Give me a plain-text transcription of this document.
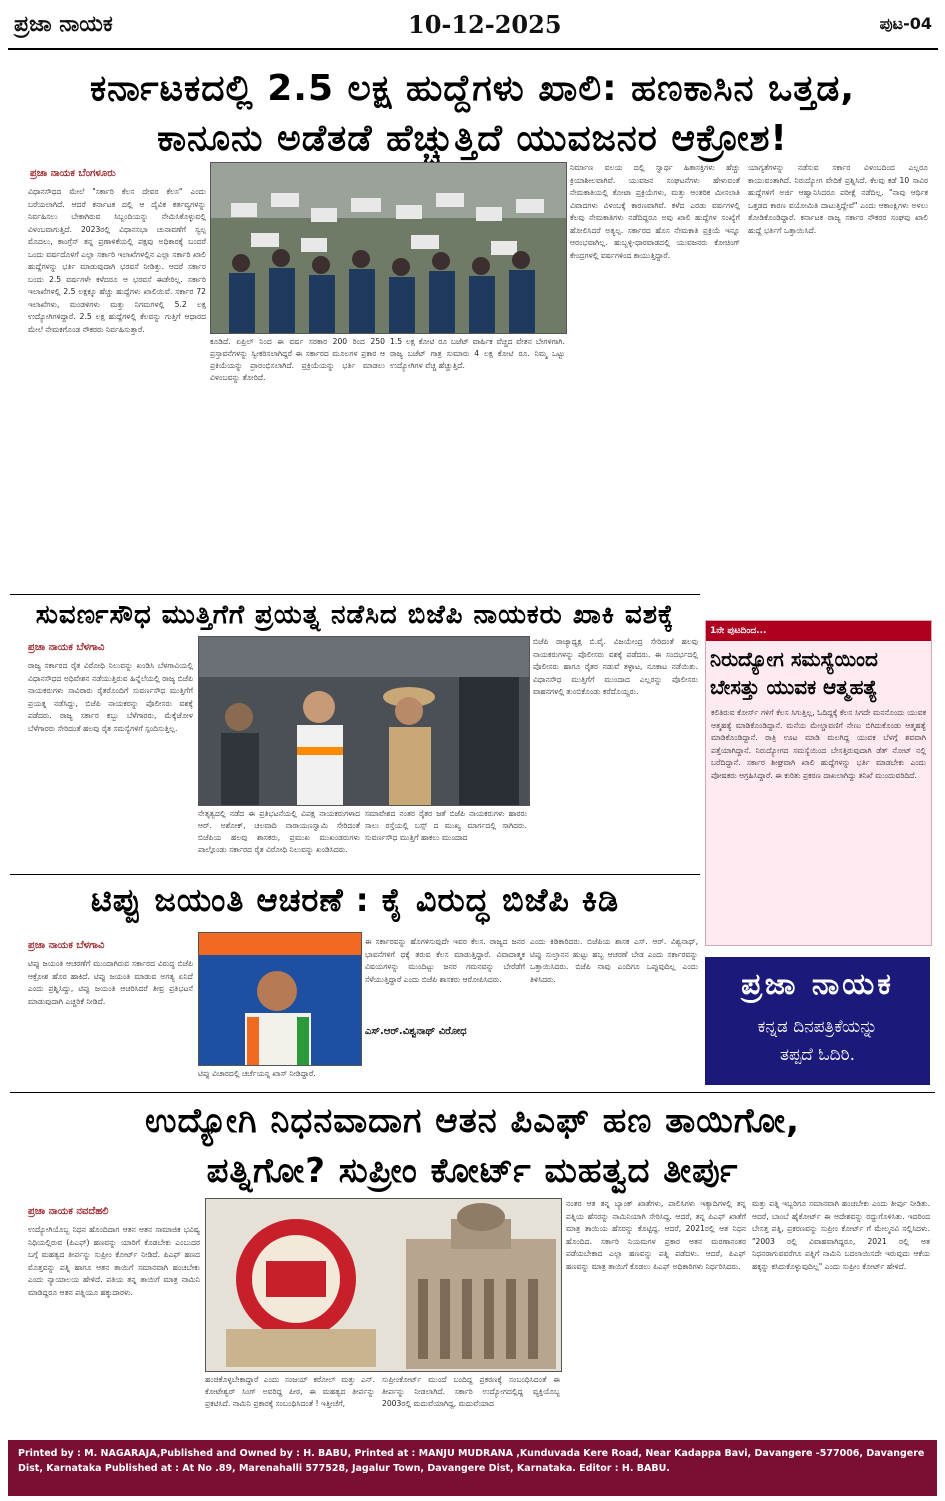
ಪ್ರಜಾ ನಾಯಕ	10-12-2025	ಪುಟ-04
ಕರ್ನಾಟಕದಲ್ಲಿ 2.5 ಲಕ್ಷ ಹುದ್ದೆಗಳು ಖಾಲಿ: ಹಣಕಾಸಿನ ಒತ್ತಡ,
ಕಾನೂನು ಅಡೆತಡೆ ಹೆಚ್ಚುತ್ತಿದೆ ಯುವಜನರ ಆಕ್ರೋಶ!
ಪ್ರಜಾ ನಾಯಕ ಬೆಂಗಳೂರು
ವಿಧಾನಸೌಧದ ಮೇಲೆ "ಸರ್ಕಾರಿ ಕೆಲಸ ದೇವರ ಕೆಲಸ" ಎಂದು ಬರೆಯಲಾಗಿದೆ. ಆದರೆ ಕರ್ನಾಟಕ ದಲ್ಲಿ ಆ ದೈವಿಕ ಕರ್ತವ್ಯಗಳನ್ನು ನಿರ್ವಹಿಸಲು ಬೇಕಾಗಿರುವ ಸಿಬ್ಬಂದಿಯನ್ನು ನೇಮಿಸಿಕೊಳ್ಳುವಲ್ಲಿ ವಿಳಂಬವಾಗುತ್ತಿದೆ. 2023ರಲ್ಲಿ ವಿಧಾನಸಭಾ ಚುನಾವಣೆಗೆ ಸ್ವಲ್ಪ ಮೊದಲು, ಕಾಂಗ್ರೆಸ್ ತನ್ನ ಪ್ರಣಾಳಿಕೆಯಲ್ಲಿ ಪಕ್ಷವು ಅಧಿಕಾರಕ್ಕೆ ಬಂದರೆ ಒಂದು ವರ್ಷದೊಳಗೆ ಎಲ್ಲಾ ಸರ್ಕಾರಿ ಇಲಾಖೆಗಳಲ್ಲಿನ ಎಲ್ಲಾ ಸರ್ಕಾರಿ ಖಾಲಿ ಹುದ್ದೆಗಳನ್ನು ಭರ್ತಿ ಮಾಡುವುದಾಗಿ ಭರವಸೆ ನೀಡಿತ್ತು. ಆದರೆ ಸರ್ಕಾರ ಬಂದು 2.5 ವರ್ಷಗಳೇ ಕಳೆದರೂ ಆ ಭರವಸೆ ಈಡೇರಿಲ್ಲ. ಸರ್ಕಾರಿ ಇಲಾಖೆಗಳಲ್ಲಿ 2.5 ಲಕ್ಷಕ್ಕೂ ಹೆಚ್ಚು ಹುದ್ದೆಗಳು ಖಾಲಿಯಿವೆ. ಸರ್ಕಾರ 72 ಇಲಾಖೆಗಳು, ಮಂಡಳಿಗಳು ಮತ್ತು ನಿಗಮಗಳಲ್ಲಿ 5.2 ಲಕ್ಷ ಉದ್ಯೋಗಿಗಳಿದ್ದಾರೆ. 2.5 ಲಕ್ಷ ಹುದ್ದೆಗಳಲ್ಲಿ ಕೆಲವನ್ನು ಗುತ್ತಿಗೆ ಆಧಾರದ ಮೇಲೆ ನೇಮಕಗೊಂಡ ನೌಕರರು ನಿರ್ವಹಿಸುತ್ತಾರೆ.
ಕೂಡಿದೆ. ಏಪ್ರಿಲ್ ನಿಂದ ಈ ವರ್ಷ ಸರಕಾರ 200 ರಿಂದ 250 ಪ್ರಸ್ತಾವನೆಗಳನ್ನು ಸ್ವೀಕರಿಸಲಾಗಿದ್ದರೆ ಈ ಸರ್ಕಾರದ ಮೂಲಗಳ ಪ್ರಕಾರ ಆ ಪ್ರಕಿಯೆಯನ್ನು ಪ್ರಾರಂಭಿಸಲಾಗಿದೆ. ಪ್ರಕ್ರಿಯೆಯನ್ನು ಭರ್ತಿ ಮಾಡಲು ವಿಳಂಬವನ್ನು ತೋರಿದೆ.
1.5 ಲಕ್ಷ ಕೋಟಿ ರೂ ಬಜೆಟ್ ವಾರ್ಷಿಕ ವೆಚ್ಚದ ವೇತನ ಬೇಗಳಿಗಾಗಿ. ರಾಜ್ಯ ಬಜೆಟ್ ಗಾತ್ರ ಸುಮಾರು 4 ಲಕ್ಷ ಕೋಟಿ ರೂ. ನಿಮ್ಮ ಒಟ್ಟು ಉದ್ಯೋಗಿಗಳ ವೆಚ್ಚ ಹೆಚ್ಚುತ್ತಿದೆ.
ನಿರ್ಮಾಣ ವಲಯ ದಲ್ಲಿ ಸ್ವಾರ್ಥ ಹಿತಾಸಕ್ತಿಗಳು ಹೆಚ್ಚು ಕ್ರಿಯಾಶೀಲವಾಗಿವೆ. ಯುವಜನ ಸಂಘಟನೆಗಳು ಹೇಳುವಂತೆ ನೇಮಕಾತಿಯಲ್ಲಿ ಕೋಟಾ ಪ್ರಕ್ರಿಯೆಗಳು, ಮತ್ತು ಆಂತರಿಕ ಮೀಸಲಾತಿ ವಿವಾದಗಳು ವಿಳಂಬಕ್ಕೆ ಕಾರಣವಾಗಿವೆ. ಕಳೆದ ಎರಡು ವರ್ಷಗಳಲ್ಲಿ ಕೆಲವು ನೇಮಕಾತಿಗಳು ನಡೆದಿದ್ದರೂ ಅವು ಖಾಲಿ ಹುದ್ದೆಗಳ ಸಂಖ್ಯೆಗೆ ಹೋಲಿಸಿದರೆ ಅತ್ಯಲ್ಪ. ಸರ್ಕಾರದ ಹೊಸ ನೇಮಕಾತಿ ಪ್ರಕ್ರಿಯೆ ಇನ್ನೂ ಆರಂಭವಾಗಿಲ್ಲ. ಹುಬ್ಬಳ್ಳಿ-ಧಾರವಾಡದಲ್ಲಿ ಯುವಜನರು ಕೋಚಿಂಗ್ ಕೇಂದ್ರಗಳಲ್ಲಿ ವರ್ಷಗಳಿಂದ ಕಾಯುತ್ತಿದ್ದಾರೆ.
ಯಾಗ್ಯತೆಗಳನ್ನು ನಡೆಸುವ ಸರ್ಕಾರ ವಿಳಂಬದಿಂದ ಎಲ್ಲರೂ ಕಾಯುವಂತಾಗಿದೆ. ನಿರುದ್ಯೋಗ ವೇದಿಕೆ ಪ್ರಶ್ನಿಸಿದೆ. ಕೆಲವು ಕಡೆ 10 ಸಾವಿರ ಹುದ್ದೆಗಳಿಗೆ ಅರ್ಜಿ ಆಹ್ವಾನಿಸಿದರೂ ಪರೀಕ್ಷೆ ನಡೆದಿಲ್ಲ. "ನಾವು ಆರ್ಥಿಕ ಒತ್ತಡದ ಕಾರಣ ವಯೋಮಿತಿ ದಾಟುತ್ತಿದ್ದೇವೆ" ಎಂದು ಆಕಾಂಕ್ಷಿಗಳು ಅಳಲು ತೋಡಿಕೊಂಡಿದ್ದಾರೆ. ಕರ್ನಾಟಕ ರಾಜ್ಯ ಸರ್ಕಾರ ನೌಕರರ ಸಂಘವು ಖಾಲಿ ಹುದ್ದೆ ಭರ್ತಿಗೆ ಒತ್ತಾಯಿಸಿದೆ.
ಸುವರ್ಣಸೌಧ ಮುತ್ತಿಗೆಗೆ ಪ್ರಯತ್ನ ನಡೆಸಿದ ಬಿಜೆಪಿ ನಾಯಕರು ಖಾಕಿ ವಶಕ್ಕೆ
ಪ್ರಜಾ ನಾಯಕ ಬೆಳಗಾವಿ
ರಾಜ್ಯ ಸರ್ಕಾರದ ರೈತ ವಿರೋಧಿ ನಿಲುವನ್ನು ಖಂಡಿಸಿ ಬೆಳಗಾವಿಯಲ್ಲಿ ವಿಧಾನಸೌಧದ ಅಧಿವೇಶನ ನಡೆಯುತ್ತಿರುವ ಹಿನ್ನೆಲೆಯಲ್ಲಿ ರಾಜ್ಯ ಬಿಜೆಪಿ ನಾಯಕರುಗಳು ಸಾವಿರಾರು ರೈತರೊಂದಿಗೆ ಸುವರ್ಣಸೌಧ ಮುತ್ತಿಗೆಗೆ ಪ್ರಯತ್ನ ನಡೆಸಿದ್ದು, ಬಿಜೆಪಿ ನಾಯಕರನ್ನು ಪೊಲೀಸರು ವಶಕ್ಕೆ ಪಡೆದರು. ರಾಜ್ಯ ಸರ್ಕಾರ ಕಬ್ಬು ಬೆಳೆಗಾರರು, ಮೆಕ್ಕೆಜೋಳ ಬೆಳೆಗಾರರು ಸೇರಿದಂತೆ ಹಲವು ರೈತ ಸಮಸ್ಯೆಗಳಿಗೆ ಸ್ಪಂದಿಸುತ್ತಿಲ್ಲ.
ನೇತೃತ್ವದಲ್ಲಿ ನಡೆದ ಈ ಪ್ರತಿಭಟನೆಯಲ್ಲಿ ವಿಪಕ್ಷ ನಾಯಕರುಗಳಾದ ಆರ್. ಅಶೋಕ್, ಚಲವಾದಿ ನಾರಾಯಣಸ್ವಾಮಿ ಸೇರಿದಂತೆ ಬಿಜೆಪಿಯ ಹಲವು ಶಾಸಕರು, ಪ್ರಮುಖ ಮುಖಂಡರುಗಳು ಪಾಲ್ಗೊಂಡು ಸರ್ಕಾರದ ರೈತ ವಿರೋಧಿ ನಿಲುವನ್ನು ಖಂಡಿಸಿದರು.
ಸಮಾವೇಶದ ನಂತರ ರೈತರ ಜತೆ ಬಿಜೆಪಿ ನಾಯಕರುಗಳು ಹಾರರು ಸಾಲು ರಸ್ತೆಯಲ್ಲಿ ಬಸ್ಸ್ ದ ಮುಖ್ಯ ಮಾರ್ಗದಲ್ಲಿ ಸಾಗಿದರು. ಸುವರ್ಣಸೌಧ ಮುತ್ತಿಗೆ ಹಾಕಲು ಮುಂದಾದ
ಬಿಜೆಪಿ ರಾಜ್ಯಾಧ್ಯಕ್ಷ ಬಿ.ವೈ. ವಿಜಯೇಂದ್ರ ಸೇರಿದಂತೆ ಹಲವು ನಾಯಕರುಗಳನ್ನು ಪೊಲೀಸರು ವಶಕ್ಕೆ ಪಡೆದರು. ಈ ಸಂದರ್ಭದಲ್ಲಿ ಪೊಲೀಸರು ಹಾಗೂ ರೈತರ ನಡುವೆ ತಳ್ಳಾಟ, ನೂಕಾಟ ನಡೆಯಿತು. ವಿಧಾನಸೌಧ ಮುತ್ತಿಗೆಗೆ ಮುಂದಾದ ಎಲ್ಲರನ್ನು ಪೊಲೀಸರು ವಾಹನಗಳಲ್ಲಿ ತುಂಬಿಕೊಂಡು ಕರೆದೊಯ್ದರು.
1ನೇ ಪುಟದಿಂದ...
ನಿರುದ್ಯೋಗ ಸಮಸ್ಯೆಯಿಂದ ಬೇಸತ್ತು ಯುವಕ ಆತ್ಮಹತ್ಯೆ
ಕಲಿತಿರುವ ಕೋರ್ಸ್ ಗಳಿಗೆ ಕೆಲಸ ಸಿಗುತ್ತಿಲ್ಲ, ಓದಿದ್ದಕ್ಕೆ ಕೆಲಸ ಸಿಗದೇ ಮನನೊಂದು ಯುವಕ ಆತ್ಮಹತ್ಯೆ ಮಾಡಿಕೊಂಡಿದ್ದಾನೆ. ಮನೆಯ ಮೇಲ್ಚಾವಣಿಗೆ ನೇಣು ಬಿಗಿದುಕೊಂಡು ಆತ್ಮಹತ್ಯೆ ಮಾಡಿಕೊಂಡಿದ್ದಾನೆ. ರಾತ್ರಿ ಊಟ ಮಾಡಿ ಮಲಗಿದ್ದ ಯುವಕ ಬೆಳಗ್ಗೆ ಶವವಾಗಿ ಪತ್ತೆಯಾಗಿದ್ದಾನೆ. ನಿರುದ್ಯೋಗದ ಸಮಸ್ಯೆಯಿಂದ ಬೇಸತ್ತಿರುವುದಾಗಿ ಡೆತ್ ನೋಟ್ ನಲ್ಲಿ ಬರೆದಿದ್ದಾನೆ. ಸರ್ಕಾರ ಶೀಘ್ರವಾಗಿ ಖಾಲಿ ಹುದ್ದೆಗಳನ್ನು ಭರ್ತಿ ಮಾಡಬೇಕು ಎಂದು ಪೋಷಕರು ಆಗ್ರಹಿಸಿದ್ದಾರೆ. ಈ ಕುರಿತು ಪ್ರಕರಣ ದಾಖಲಾಗಿದ್ದು ತನಿಖೆ ಮುಂದುವರಿದಿದೆ.
ಟಿಪ್ಪು ಜಯಂತಿ ಆಚರಣೆ : ಕೈ ವಿರುದ್ಧ ಬಿಜೆಪಿ ಕಿಡಿ
ಪ್ರಜಾ ನಾಯಕ ಬೆಳಗಾವಿ
ಟಿಪ್ಪು ಜಯಂತಿ ಆಚರಣೆಗೆ ಮುಂದಾಗಿರುವ ಸರ್ಕಾರದ ವಿರುದ್ಧ ಬಿಜೆಪಿ ಆಕ್ರೋಶ ಹೊರ ಹಾಕಿದೆ. ಟಿಪ್ಪು ಜಯಂತಿ ಮಾಡುವ ಅಗತ್ಯ ಏನಿದೆ ಎಂದು ಪ್ರಶ್ನಿಸಿದ್ದು, ಟಿಪ್ಪು ಜಯಂತಿ ಆಚರಿಸಿದರೆ ತೀವ್ರ ಪ್ರತಿಭಟನೆ ಮಾಡುವುದಾಗಿ ಎಚ್ಚರಿಕೆ ನೀಡಿದೆ.
ಟಿಪ್ಪು ವಿಚಾರದಲ್ಲಿ ಚರ್ಚೆಯನ್ನ ಖಾಸ್ ನೀಡಿದ್ದಾರೆ.
ಈ ಸರ್ಕಾರವನ್ನು ಹೊಗಳಿಸುವುದೇ ಇವರ ಕೆಲಸ. ರಾಜ್ಯದ ಜನರ ಭಾವನೆಗಳಿಗೆ ಧಕ್ಕೆ ತರುವ ಕೆಲಸ ಮಾಡುತ್ತಿದ್ದಾರೆ. ವಿವಾದಾತ್ಮಕ ವಿಷಯಗಳನ್ನು ಮುಂದಿಟ್ಟು ಜನರ ಗಮನವನ್ನು ಬೇರೆಡೆಗೆ ಸೆಳೆಯುತ್ತಿದ್ದಾರೆ ಎಂದು ಬಿಜೆಪಿ ಶಾಸಕರು ಆರೋಪಿಸಿದರು.
ಎಸ್.ಆರ್.ವಿಶ್ವನಾಥ್ ವಿರೋಧ
ಎಂದು ಕಿಡಿಕಾರಿದರು. ಬಿಜೆಪಿಯ ಶಾಸಕ ಎಸ್. ಆರ್. ವಿಶ್ವನಾಥ್, ಟಿಪ್ಪು ಸುಲ್ತಾನನ ಹುಟ್ಟು ಹಬ್ಬ ಆಚರಣೆ ಬೇಡ ಎಂದು ಸರ್ಕಾರವನ್ನು ಒತ್ತಾಯಿಸಿದರು. ಬಿಜೆಪಿ ನಾವು ಎಂದಿಗೂ ಒಪ್ಪುವುದಿಲ್ಲ ಎಂದು ತಿಳಿಸಿದರು.	ಪ್ರಜಾ ನಾಯಕ
ಕನ್ನಡ ದಿನಪತ್ರಿಕೆಯನ್ನು
ತಪ್ಪದೆ ಓದಿರಿ.
ಉದ್ಯೋಗಿ ನಿಧನವಾದಾಗ ಆತನ ಪಿಎಫ್ ಹಣ ತಾಯಿಗೋ,
ಪತ್ನಿಗೋ? ಸುಪ್ರೀಂ ಕೋರ್ಟ್ ಮಹತ್ವದ ತೀರ್ಪು
ಪ್ರಜಾ ನಾಯಕ ನವದೆಹಲಿ
ಉದ್ಯೋಗಿಯೊಬ್ಬ ನಿಧನ ಹೊಂದಿದಾಗ ಆತನ ಆತನ ಸಾಮಾಜಿಕ ಭವಿಷ್ಯ ನಿಧಿಯಲ್ಲಿರುವ (ಪಿಎಫ್) ಹಣವನ್ನು ಯಾರಿಗೆ ಕೊಡಬೇಕು ಎಂಬುದರ ಬಗ್ಗೆ ಮಹತ್ವದ ತೀರ್ಪನ್ನು ಸುಪ್ರೀಂ ಕೋರ್ಟ್ ನೀಡಿದೆ. ಪಿಎಫ್ ಹಣದ ಮೊತ್ತವನ್ನು ಪತ್ನಿ ಹಾಗೂ ಆತನ ತಾಯಿಗೆ ಸಮಾನವಾಗಿ ಹಂಚಬೇಕು ಎಂದು ನ್ಯಾಯಾಲಯ ಹೇಳಿದೆ. ಪತಿಯ ತನ್ನ ತಾಯಿಗೆ ಮಾತ್ರ ನಾಮಿನಿ ಮಾಡಿದ್ದರೂ ಆತನ ಪತ್ನಿಯೂ ಹಕ್ಕುದಾರಳು.
ಹಂಚಿಕೊಳ್ಳಬೇಕಾದ್ದಾರೆ ಎಂದು ಸಂಜಯ್ ಕರೋಲ್ ಮತ್ತು ಎನ್. ಕೋಟೇಶ್ವರ್ ಸಿಂಗ್ ಅವರಿದ್ದ ಪೀಠ, ಈ ಮಹತ್ವದ ತೀರ್ಪನ್ನು ಪ್ರಕಟಿಸಿದೆ. ನಾಮಿನಿ ಪ್ರಕಾರಕ್ಕೆ ಸಂಬಂಧಿಸಿದಂತೆ ! ಇತ್ತೀಚೆಗೆ,
ಸುಪ್ರೀಂಕೋರ್ಟ್ ಮುಂದೆ ಬಂದಿದ್ದ ಪ್ರಕರಣಕ್ಕೆ ಸಂಬಂಧಿಸಿದಂತೆ ಈ ತೀರ್ಪನ್ನು ನೀಡಲಾಗಿದೆ. ಸರ್ಕಾರಿ ಉದ್ಯೋಗದಲ್ಲಿದ್ದ ವ್ಯಕ್ತಿಯೊಬ್ಬ 2003ರಲ್ಲಿ ಮದುವೆಯಾಗಿದ್ದ, ಮದುವೆಯಾದ
ನಂತರ ಆತ ತನ್ನ ಬ್ಯಾಂಕ್ ಖಾತೆಗಳು, ಪಾಲಿಸಿಗಳು ಇತ್ಯಾದಿಗಳಲ್ಲಿ ತನ್ನ ಪತ್ನಿಯ ಹೆಸರನ್ನು ನಾಮಿನಿಯಾಗಿ ಸೇರಿಸಿದ್ದ. ಆದರೆ, ತನ್ನ ಪಿಎಫ್ ಖಾತೆಗೆ ಮಾತ್ರ ತಾಯಿಯ ಹೆಸರನ್ನು ಕೊಟ್ಟಿದ್ದ. ಆದರೆ, 2021ರಲ್ಲಿ ಆತ ನಿಧನ ಹೊಂದಿದ. ಸರ್ಕಾರಿ ನಿಯಮಗಳ ಪ್ರಕಾರ ಆತನ ಮರಣಾನಂತರ ಪಡೆಯಬೇಕಾದ ಎಲ್ಲಾ ಹಣವನ್ನು ಪತ್ನಿ ಪಡೆದಳು. ಆದರೆ, ಪಿಎಫ್ ಹಣವನ್ನು ಮಾತ್ರ ತಾಯಿಗೆ ಕೊಡಲು ಪಿಎಫ್ ಅಧಿಕಾರಿಗಳು ನಿರ್ಧರಿಸಿದರು.
ಮತ್ತು ಪತ್ನಿ ಇಬ್ಬರಿಗೂ ಸಮಾನವಾಗಿ ಹಂಚಬೇಕು ಎಂದು ತೀರ್ಪು ನೀಡಿತು. ಆದರೆ, ಬಾಂಬೆ ಹೈಕೋರ್ಟ್ ಈ ಆದೇಶವನ್ನು ರದ್ದುಗೊಳಿಸಿತು. ಇದರಿಂದ ಬೇಸತ್ತ ಪತ್ನಿ, ಪ್ರಕರಣವನ್ನು ಸುಪ್ರೀಂ ಕೋರ್ಟ್ ಗೆ ಮೇಲ್ಮನವಿ ಸಲ್ಲಿಸಿದಳು. "2003 ರಲ್ಲಿ ವಿವಾಹವಾಗಿದ್ದರೂ, 2021 ರಲ್ಲಿ ಆತ ನಿಧನರಾಗುವವರೆಗೂ ಪತ್ನಿಗೆ ನಾಮಿನಿ ಬದಲಾಯಿಸದೇ ಇರುವುದು ಆಕೆಯ ಹಕ್ಕನ್ನು ಕಸಿದುಕೊಳ್ಳುವುದಿಲ್ಲ" ಎಂದು ಸುಪ್ರೀಂ ಕೋರ್ಟ್ ಹೇಳಿದೆ.
Printed by : M. NAGARAJA,Published and Owned by : H. BABU, Printed at : MANJU MUDRANA ,Kunduvada Kere Road, Near Kadappa Bavi, Davangere -577006, Davangere
Dist, Karnataka Published at : At No .89, Marenahalli 577528, Jagalur Town, Davangere Dist, Karnataka. Editor : H. BABU.
